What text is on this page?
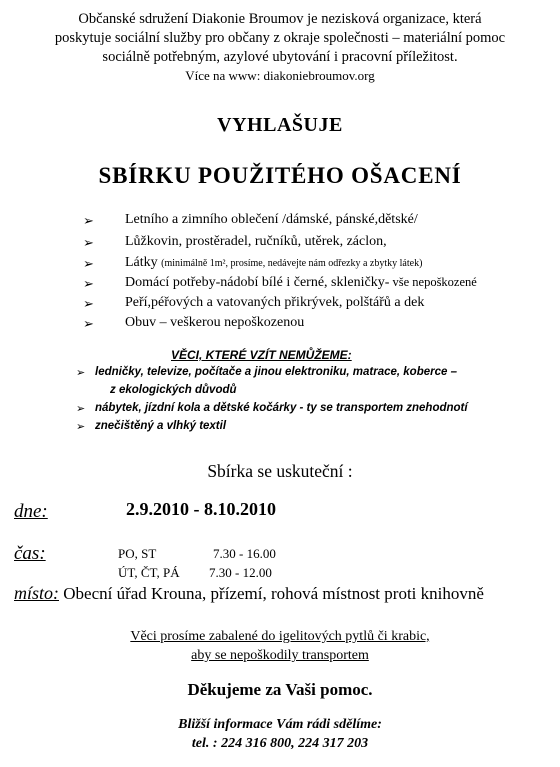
Občanské sdružení Diakonie Broumov je nezisková organizace, která
poskytuje sociální služby pro občany z okraje společnosti – materiální pomoc
sociálně potřebným, azylové ubytování i pracovní příležitost.
Více na www: diakoniebroumov.org
VYHLAŠUJE
SBÍRKU POUŽITÉHO OŠACENÍ
➢ Letního a zimního oblečení /dámské, pánské,dětské/
➢ Lůžkovin, prostěradel, ručníků, utěrek, záclon,
➢ Látky (minimálně 1m², prosíme, nedávejte nám odřezky a zbytky látek)
➢ Domácí potřeby-nádobí bílé i černé, skleničky- vše nepoškozené
➢ Peří,péřových a vatovaných přikrývek, polštářů a dek
➢ Obuv – veškerou nepoškozenou
VĚCI, KTERÉ VZÍT NEMŮŽEME:
➢ ledničky, televize, počítače a jinou elektroniku, matrace, koberce –
z ekologických důvodů
➢ nábytek, jízdní kola a dětské kočárky - ty se transportem znehodnotí
➢ znečištěný a vlhký textil
Sbírka se uskuteční :
dne:	2.9.2010 - 8.10.2010
čas:	PO, ST	7.30 - 16.00
ÚT, ČT, PÁ 7.30 - 12.00
místo: Obecní úřad Krouna, přízemí, rohová místnost proti knihovně
Věci prosíme zabalené do igelitových pytlů či krabic,
aby se nepoškodily transportem
Děkujeme za Vaši pomoc.
Bližší informace Vám rádi sdělíme:
tel. : 224 316 800, 224 317 203
